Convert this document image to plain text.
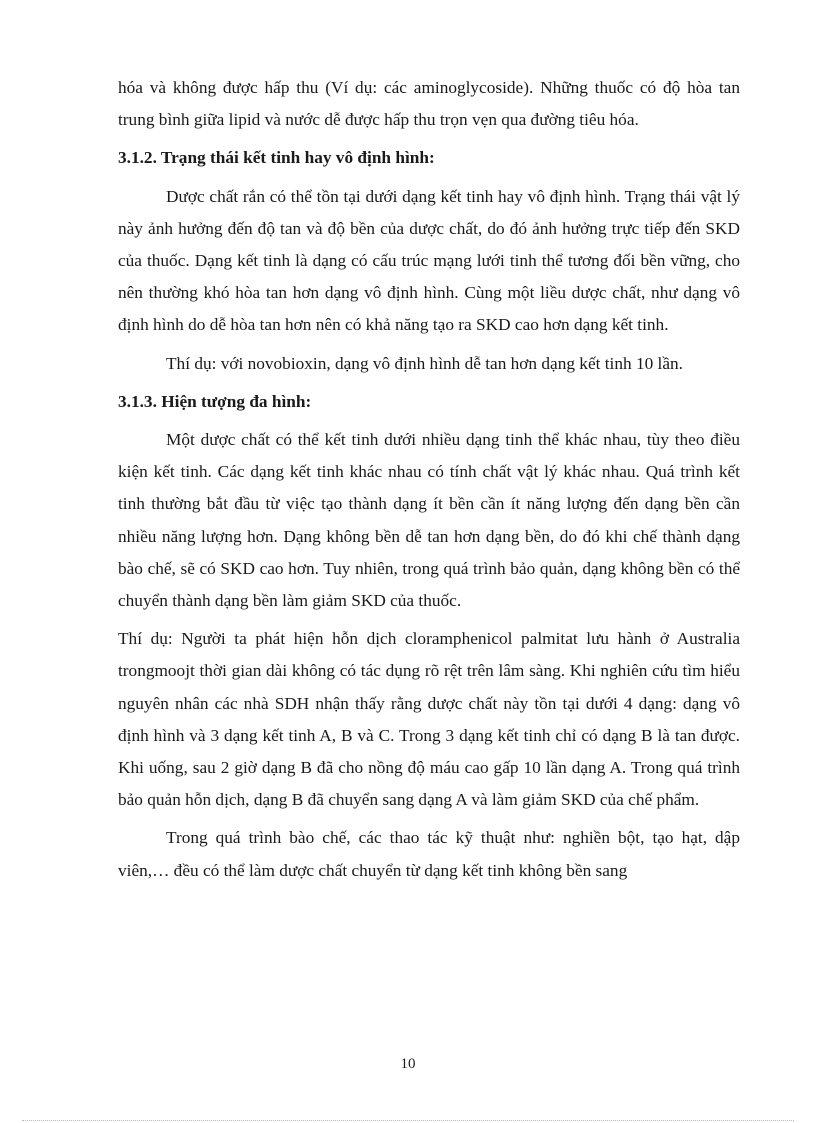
hóa và không được hấp thu (Ví dụ: các aminoglycoside). Những thuốc có độ hòa tan trung bình giữa lipid và nước dễ được hấp thu trọn vẹn qua đường tiêu hóa.

3.1.2. Trạng thái kết tinh hay vô định hình:

Dược chất rắn có thể tồn tại dưới dạng kết tinh hay vô định hình. Trạng thái vật lý này ảnh hưởng đến độ tan và độ bền của dược chất, do đó ảnh hưởng trực tiếp đến SKD của thuốc. Dạng kết tinh là dạng có cấu trúc mạng lưới tinh thể tương đối bền vững, cho nên thường khó hòa tan hơn dạng vô định hình. Cùng một liều dược chất, như dạng vô định hình do dễ hòa tan hơn nên có khả năng tạo ra SKD cao hơn dạng kết tinh.

Thí dụ: với novobioxin, dạng vô định hình dễ tan hơn dạng kết tinh 10 lần.

3.1.3. Hiện tượng đa hình:

Một dược chất có thể kết tinh dưới nhiều dạng tinh thể khác nhau, tùy theo điều kiện kết tinh. Các dạng kết tinh khác nhau có tính chất vật lý khác nhau. Quá trình kết tinh thường bắt đầu từ việc tạo thành dạng ít bền cần ít năng lượng đến dạng bền cần nhiều năng lượng hơn. Dạng không bền dễ tan hơn dạng bền, do đó khi chế thành dạng bào chế, sẽ có SKD cao hơn. Tuy nhiên, trong quá trình bảo quản, dạng không bền có thể chuyển thành dạng bền làm giảm SKD của thuốc.

Thí dụ: Người ta phát hiện hỗn dịch cloramphenicol palmitat lưu hành ở Australia trongmoojt thời gian dài không có tác dụng rõ rệt trên lâm sàng. Khi nghiên cứu tìm hiểu nguyên nhân các nhà SDH nhận thấy rằng dược chất này tồn tại dưới 4 dạng: dạng vô định hình và 3 dạng kết tinh A, B và C. Trong 3 dạng kết tinh chỉ có dạng B là tan được. Khi uống, sau 2 giờ dạng B đã cho nồng độ máu cao gấp 10 lần dạng A. Trong quá trình bảo quản hỗn dịch, dạng B đã chuyển sang dạng A và làm giảm SKD của chế phẩm.

Trong quá trình bào chế, các thao tác kỹ thuật như: nghiền bột, tạo hạt, dập viên,… đều có thể làm dược chất chuyển từ dạng kết tinh không bền sang

10
